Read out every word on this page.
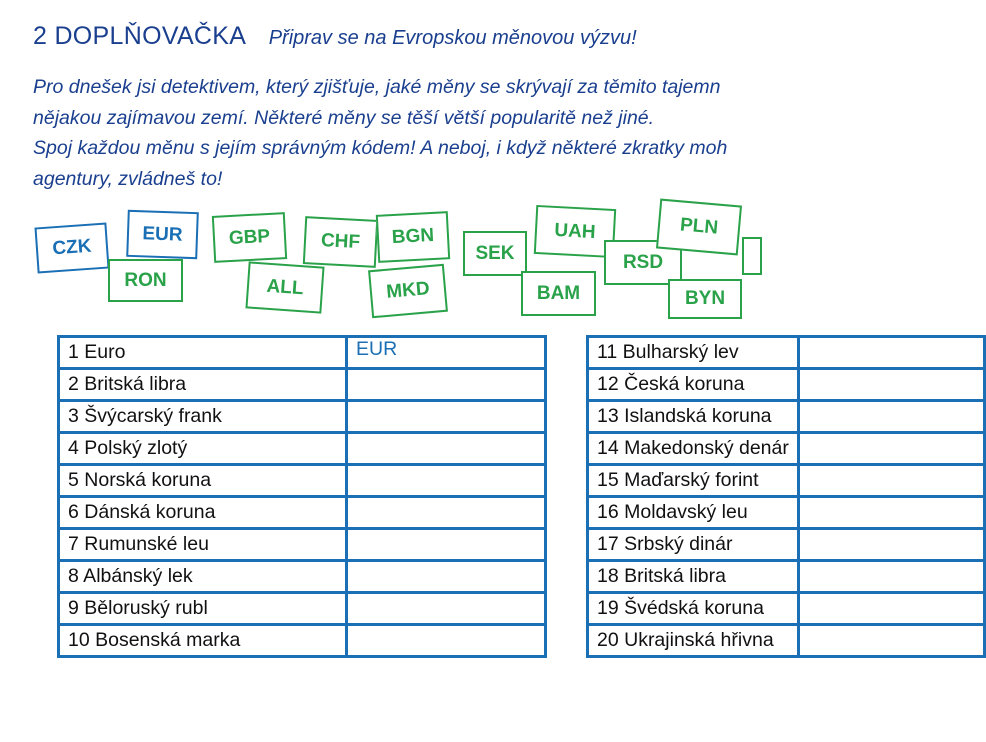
2 DOPLŇOVAČKA Připrav se na Evropskou měnovou výzvu!
Pro dnešek jsi detektivem, který zjišťuje, jaké měny se skrývají za těmito tajemn
nějakou zajímavou zemí. Některé měny se těší větší popularitě než jiné.
Spoj každou měnu s jejím správným kódem! A neboj, i když některé zkratky moh
agentury, zvládneš to!
CZK
EUR
RON
GBP
ALL
CHF	BGN
MKD
SEK
UAH
BAM
RSD
PLN
BYN
1 Euro	EUR
2 Britská libra	
3 Švýcarský frank	
4 Polský zlotý	
5 Norská koruna	
6 Dánská koruna	
7 Rumunské leu	
8 Albánský lek	
9 Běloruský rubl	
10 Bosenská marka	
11 Bulharský lev	
12 Česká koruna	
13 Islandská koruna	
14 Makedonský denár	
15 Maďarský forint	
16 Moldavský leu	
17 Srbský dinár	
18 Britská libra	
19 Švédská koruna	
20 Ukrajinská hřivna	
